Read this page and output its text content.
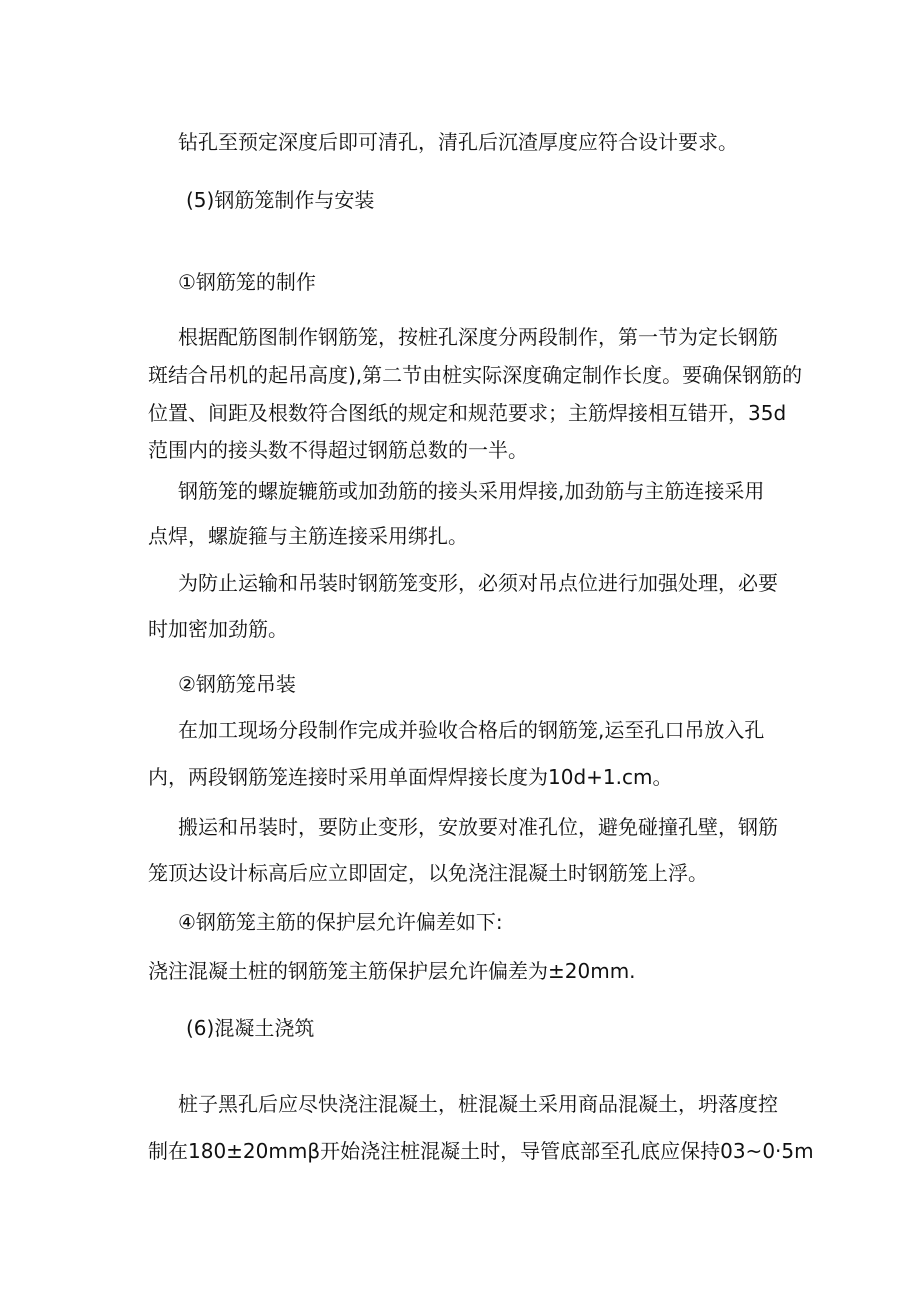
钻孔至预定深度后即可清孔，清孔后沉渣厚度应符合设计要求。
(5)钢筋笼制作与安装
①钢筋笼的制作
根据配筋图制作钢筋笼，按桩孔深度分两段制作，第一节为定长钢筋
斑结合吊机的起吊高度),第二节由桩实际深度确定制作长度。要确保钢筋的
位置、间距及根数符合图纸的规定和规范要求；主筋焊接相互错开，35d
范围内的接头数不得超过钢筋总数的一半。
钢筋笼的螺旋辘筋或加劲筋的接头采用焊接,加劲筋与主筋连接采用
点焊，螺旋箍与主筋连接采用绑扎。
为防止运输和吊装时钢筋笼变形，必须对吊点位进行加强处理，必要
时加密加劲筋。
②钢筋笼吊装
在加工现场分段制作完成并验收合格后的钢筋笼,运至孔口吊放入孔
内，两段钢筋笼连接时采用单面焊焊接长度为10d+1.cm。
搬运和吊装时，要防止变形，安放要对准孔位，避免碰撞孔壁，钢筋
笼顶达设计标高后应立即固定，以免浇注混凝土时钢筋笼上浮。
④钢筋笼主筋的保护层允许偏差如下:
浇注混凝土桩的钢筋笼主筋保护层允许偏差为±20mm.
(6)混凝土浇筑
桩子黑孔后应尽快浇注混凝土，桩混凝土采用商品混凝土，坍落度控
制在180±20mmβ开始浇注桩混凝土时，导管底部至孔底应保持03~0·5m
